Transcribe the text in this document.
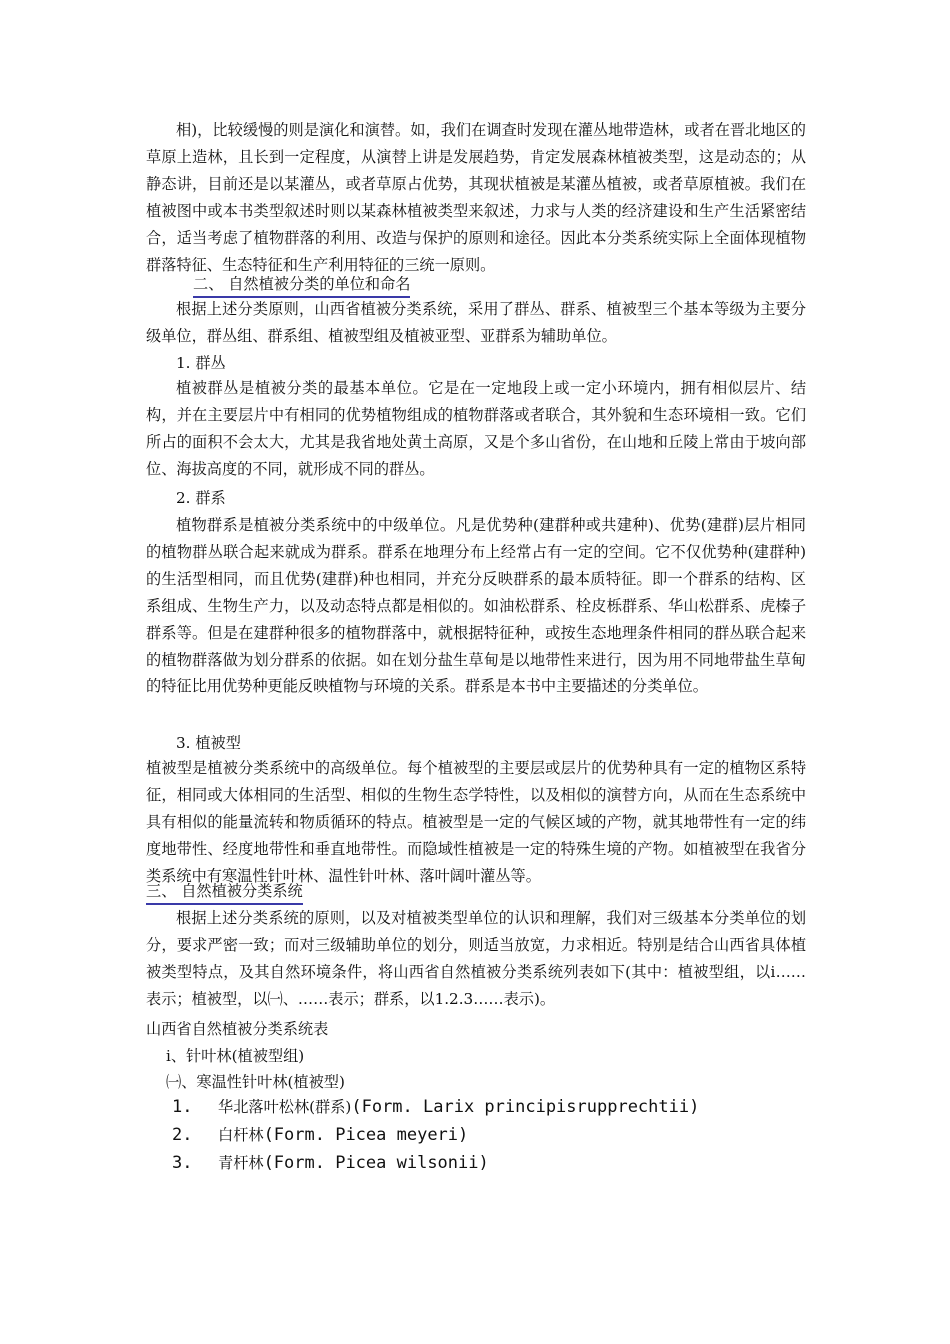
相)，比较缓慢的则是演化和演替。如，我们在调查时发现在灌丛地带造林，或者在晋北地区的草原上造林，且长到一定程度，从演替上讲是发展趋势，肯定发展森林植被类型，这是动态的；从静态讲，目前还是以某灌丛，或者草原占优势，其现状植被是某灌丛植被，或者草原植被。我们在植被图中或本书类型叙述时则以某森林植被类型来叙述，力求与人类的经济建设和生产生活紧密结合，适当考虑了植物群落的利用、改造与保护的原则和途径。因此本分类系统实际上全面体现植物群落特征、生态特征和生产利用特征的三统一原则。

二、 自然植被分类的单位和命名

根据上述分类原则，山西省植被分类系统，采用了群丛、群系、植被型三个基本等级为主要分级单位，群丛组、群系组、植被型组及植被亚型、亚群系为辅助单位。

1. 群丛

植被群丛是植被分类的最基本单位。它是在一定地段上或一定小环境内，拥有相似层片、结构，并在主要层片中有相同的优势植物组成的植物群落或者联合，其外貌和生态环境相一致。它们所占的面积不会太大，尤其是我省地处黄土高原，又是个多山省份，在山地和丘陵上常由于坡向部位、海拔高度的不同，就形成不同的群丛。

2. 群系

植物群系是植被分类系统中的中级单位。凡是优势种(建群种或共建种)、优势(建群)层片相同的植物群丛联合起来就成为群系。群系在地理分布上经常占有一定的空间。它不仅优势种(建群种)的生活型相同，而且优势(建群)种也相同，并充分反映群系的最本质特征。即一个群系的结构、区系组成、生物生产力，以及动态特点都是相似的。如油松群系、栓皮栎群系、华山松群系、虎榛子群系等。但是在建群种很多的植物群落中，就根据特征种，或按生态地理条件相同的群丛联合起来的植物群落做为划分群系的依据。如在划分盐生草甸是以地带性来进行，因为用不同地带盐生草甸的特征比用优势种更能反映植物与环境的关系。群系是本书中主要描述的分类单位。

3. 植被型

植被型是植被分类系统中的高级单位。每个植被型的主要层或层片的优势种具有一定的植物区系特征，相同或大体相同的生活型、相似的生物生态学特性，以及相似的演替方向，从而在生态系统中具有相似的能量流转和物质循环的特点。植被型是一定的气候区域的产物，就其地带性有一定的纬度地带性、经度地带性和垂直地带性。而隐域性植被是一定的特殊生境的产物。如植被型在我省分类系统中有寒温性针叶林、温性针叶林、落叶阔叶灌丛等。

三、 自然植被分类系统

根据上述分类系统的原则，以及对植被类型单位的认识和理解，我们对三级基本分类单位的划分，要求严密一致；而对三级辅助单位的划分，则适当放宽，力求相近。特别是结合山西省具体植被类型特点，及其自然环境条件，将山西省自然植被分类系统列表如下(其中：植被型组，以ⅰ……表示；植被型，以㈠、……表示；群系，以1.2.3……表示)。

山西省自然植被分类系统表

ⅰ、针叶林(植被型组)

㈠、寒温性针叶林(植被型)

1. 华北落叶松林(群系)(Form. Larix principisrupprechtii)

2. 白杆林(Form. Picea meyeri)

3. 青杆林(Form. Picea wilsonii)
